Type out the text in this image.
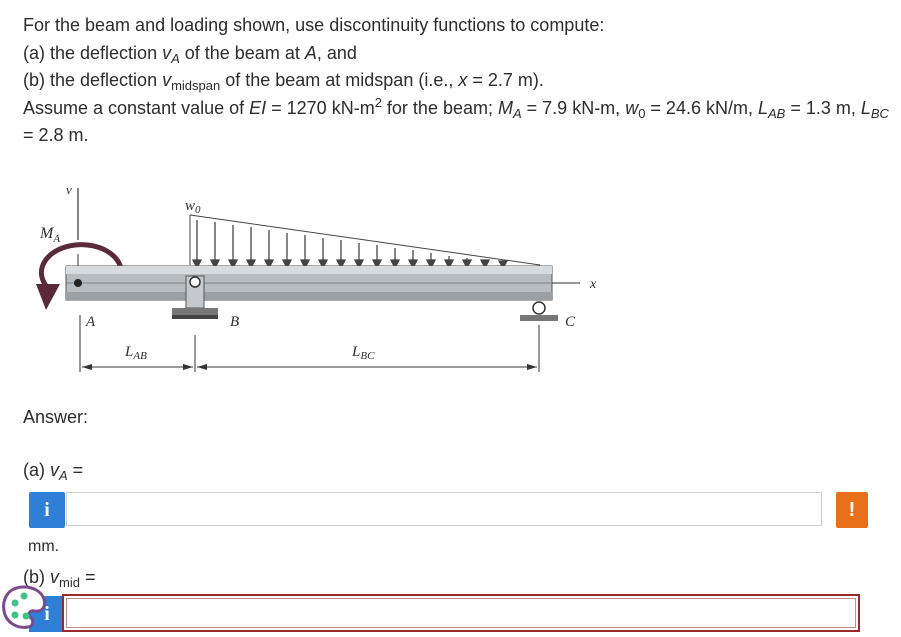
For the beam and loading shown, use discontinuity functions to compute:

(a) the deflection $v_A$ of the beam at A, and

(b) the deflection $v_{midspan}$ of the beam at midspan (i.e., x = 2.7 m).

Assume a constant value of EI = 1270 $kN-m^2$ for the beam; $M_A = 7.9$ kN-m, $w_0 = 24.6$ kN/m, $L_{AB} = 1.3$ m, $L_{BC} = 2.8$ m.

v
$M_A$
$w_0$
x
B	C
A
$L_{AB}$	$L_{BC}$
Answer:
(a) $v_A$ =
i	!
mm.
(b) $v_{mid}$ =
i
